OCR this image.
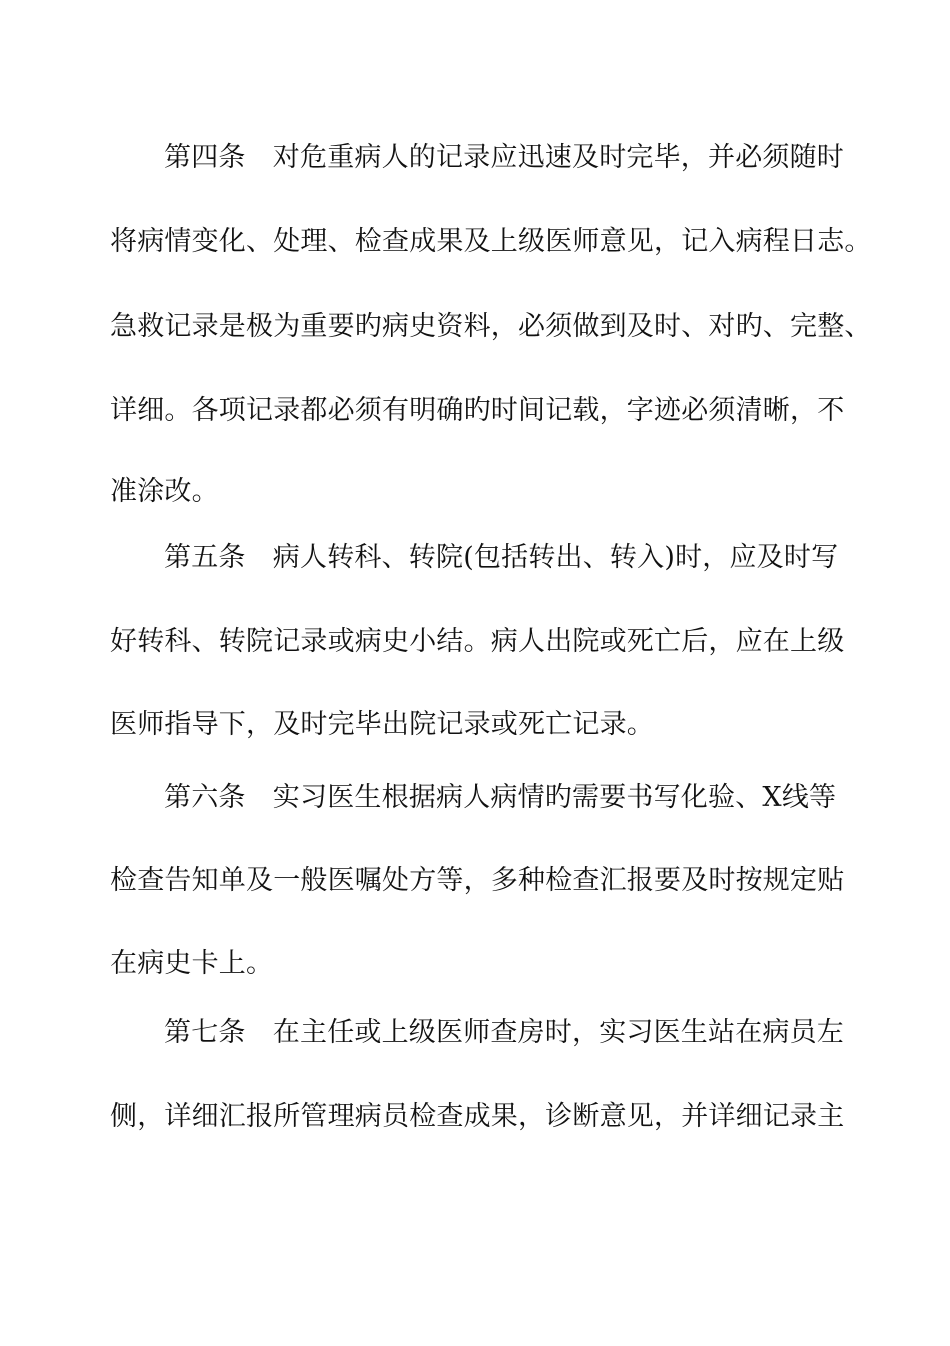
第四条　对危重病人的记录应迅速及时完毕，并必须随时
将病情变化、处理、检查成果及上级医师意见，记入病程日志。
急救记录是极为重要旳病史资料，必须做到及时、对旳、完整、
详细。各项记录都必须有明确旳时间记载，字迹必须清晰，不
准涂改。
第五条　病人转科、转院(包括转出、转入)时，应及时写
好转科、转院记录或病史小结。病人出院或死亡后，应在上级
医师指导下，及时完毕出院记录或死亡记录。
第六条　实习医生根据病人病情旳需要书写化验、X线等
检查告知单及一般医嘱处方等，多种检查汇报要及时按规定贴
在病史卡上。
第七条　在主任或上级医师查房时，实习医生站在病员左
侧，详细汇报所管理病员检查成果，诊断意见，并详细记录主
